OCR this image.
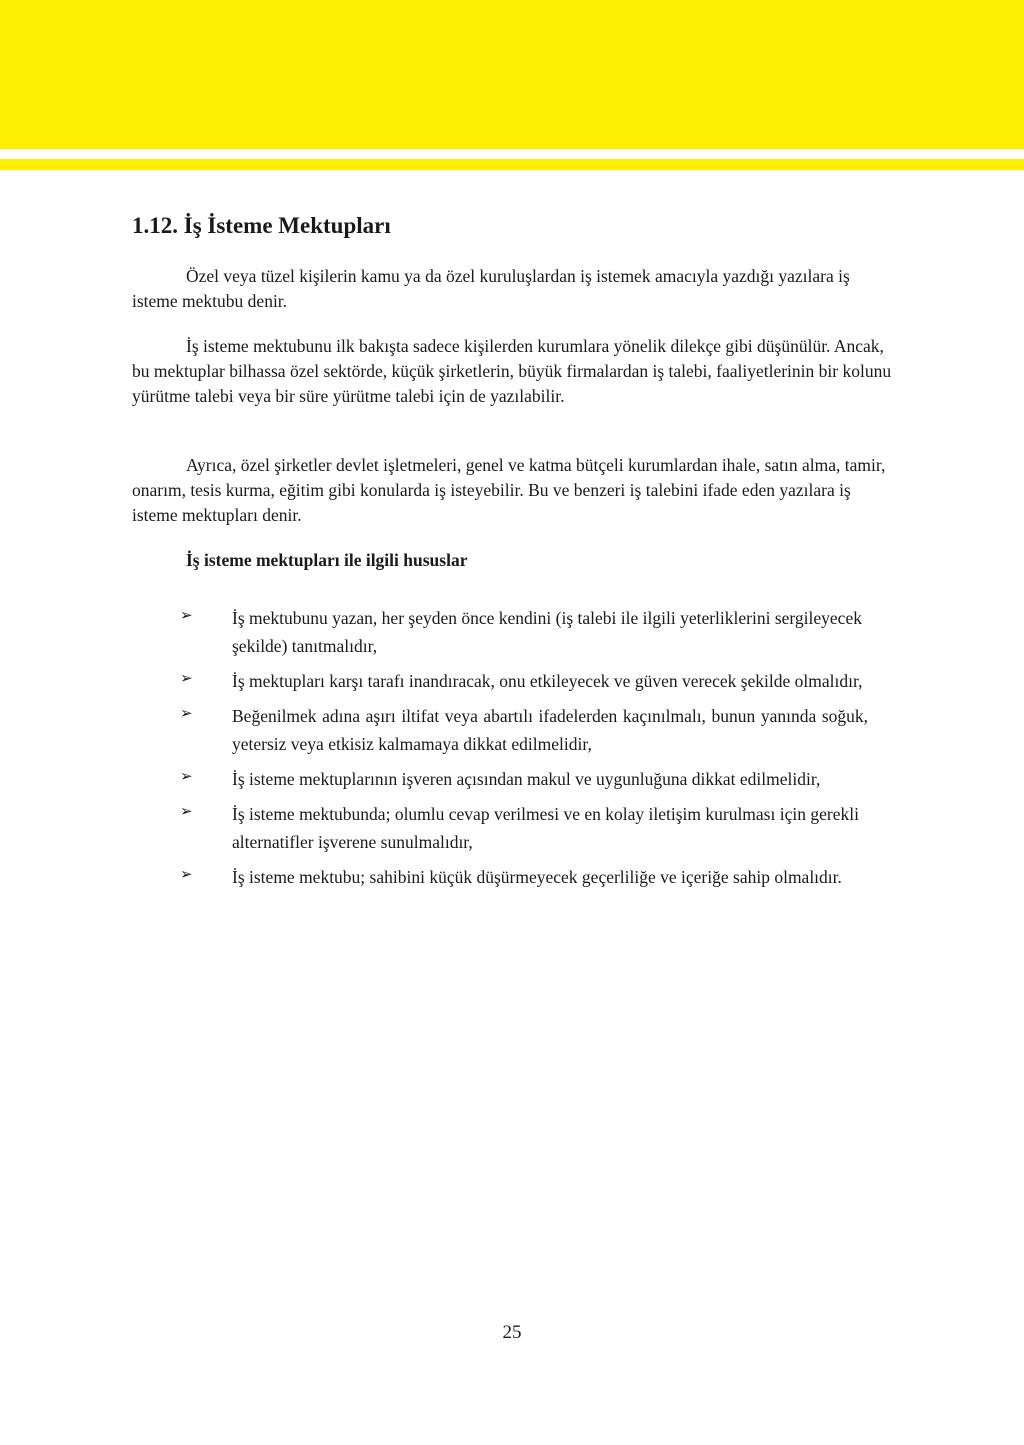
1.12. İş İsteme Mektupları

Özel veya tüzel kişilerin kamu ya da özel kuruluşlardan iş istemek amacıyla yazdığı yazılara iş isteme mektubu denir.

İş isteme mektubunu ilk bakışta sadece kişilerden kurumlara yönelik dilekçe gibi düşünülür. Ancak, bu mektuplar bilhassa özel sektörde, küçük şirketlerin, büyük firmalardan iş talebi, faaliyetlerinin bir kolunu yürütme talebi veya bir süre yürütme talebi için de yazılabilir.

Ayrıca, özel şirketler devlet işletmeleri, genel ve katma bütçeli kurumlardan ihale, satın alma, tamir, onarım, tesis kurma, eğitim gibi konularda iş isteyebilir. Bu ve benzeri iş talebini ifade eden yazılara iş isteme mektupları denir.

İş isteme mektupları ile ilgili hususlar
➢ İş mektubunu yazan, her şeyden önce kendini (iş talebi ile ilgili yeterliklerini sergileyecek şekilde) tanıtmalıdır,
➢ İş mektupları karşı tarafı inandıracak, onu etkileyecek ve güven verecek şekilde olmalıdır,
➢ Beğenilmek adına aşırı iltifat veya abartılı ifadelerden kaçınılmalı, bunun yanında soğuk, yetersiz veya etkisiz kalmamaya dikkat edilmelidir,
➢ İş isteme mektuplarının işveren açısından makul ve uygunluğuna dikkat edilmelidir,
➢ İş isteme mektubunda; olumlu cevap verilmesi ve en kolay iletişim kurulması için gerekli alternatifler işverene sunulmalıdır,
➢ İş isteme mektubu; sahibini küçük düşürmeyecek geçerliliğe ve içeriğe sahip olmalıdır.
25
